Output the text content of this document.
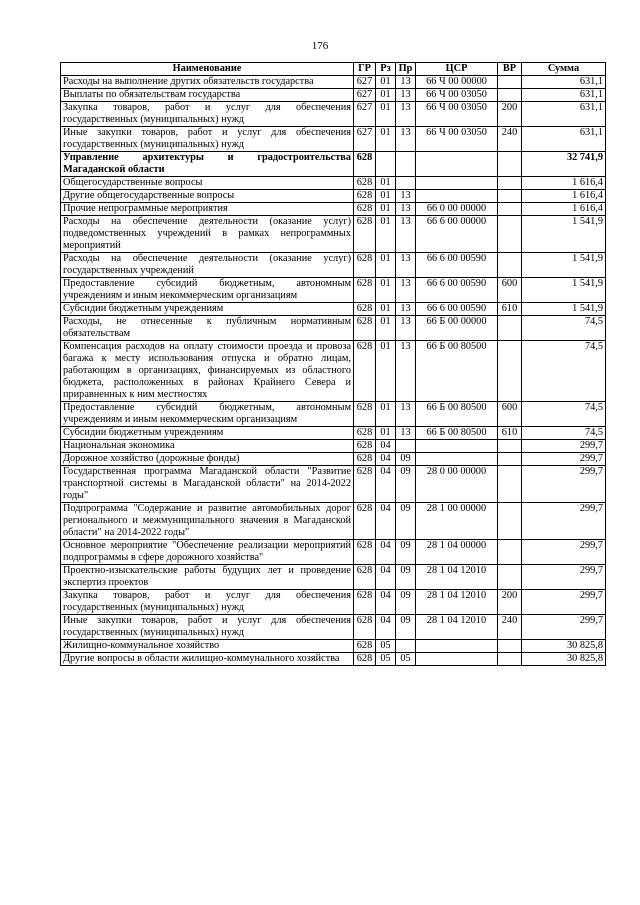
176
Наименование	ГР	Рз	Пр	ЦСР	ВР	Сумма
Расходы на выполнение других обязательств государства	627	01	13	66 Ч 00 00000		631,1
Выплаты по обязательствам государства	627	01	13	66 Ч 00 03050		631,1
Закупка товаров, работ и услуг для обеспечения государственных (муниципальных) нужд	627	01	13	66 Ч 00 03050	200	631,1
Иные закупки товаров, работ и услуг для обеспечения государственных (муниципальных) нужд	627	01	13	66 Ч 00 03050	240	631,1
Управление архитектуры и градостроительства Магаданской области	628					32 741,9
Общегосударственные вопросы	628	01				1 616,4
Другие общегосударственные вопросы	628	01	13			1 616,4
Прочие непрограммные мероприятия	628	01	13	66 0 00 00000		1 616,4
Расходы на обеспечение деятельности (оказание услуг) подведомственных учреждений в рамках непрограммных мероприятий	628	01	13	66 6 00 00000		1 541,9
Расходы на обеспечение деятельности (оказание услуг) государственных учреждений	628	01	13	66 6 00 00590		1 541,9
Предоставление субсидий бюджетным, автономным учреждениям и иным некоммерческим организациям	628	01	13	66 6 00 00590	600	1 541,9
Субсидии бюджетным учреждениям	628	01	13	66 6 00 00590	610	1 541,9
Расходы, не отнесенные к публичным нормативным обязательствам	628	01	13	66 Б 00 00000		74,5
Компенсация расходов на оплату стоимости проезда и провоза багажа к месту использования отпуска и обратно лицам, работающим в организациях, финансируемых из областного бюджета, расположенных в районах Крайнего Севера и приравненных к ним местностях	628	01	13	66 Б 00 80500		74,5
Предоставление субсидий бюджетным, автономным учреждениям и иным некоммерческим организациям	628	01	13	66 Б 00 80500	600	74,5
Субсидии бюджетным учреждениям	628	01	13	66 Б 00 80500	610	74,5
Национальная экономика	628	04				299,7
Дорожное хозяйство (дорожные фонды)	628	04	09			299,7
Государственная программа Магаданской области "Развитие транспортной системы в Магаданской области" на 2014-2022 годы"	628	04	09	28 0 00 00000		299,7
Подпрограмма "Содержание и развитие автомобильных дорог регионального и межмуниципального значения в Магаданской области" на 2014-2022 годы"	628	04	09	28 1 00 00000		299,7
Основное мероприятие "Обеспечение реализации мероприятий подпрограммы в сфере дорожного хозяйства"	628	04	09	28 1 04 00000		299,7
Проектно-изыскательские работы будущих лет и проведение экспертиз проектов	628	04	09	28 1 04 12010		299,7
Закупка товаров, работ и услуг для обеспечения государственных (муниципальных) нужд	628	04	09	28 1 04 12010	200	299,7
Иные закупки товаров, работ и услуг для обеспечения государственных (муниципальных) нужд	628	04	09	28 1 04 12010	240	299,7
Жилищно-коммунальное хозяйство	628	05				30 825,8
Другие вопросы в области жилищно-коммунального хозяйства	628	05	05			30 825,8
